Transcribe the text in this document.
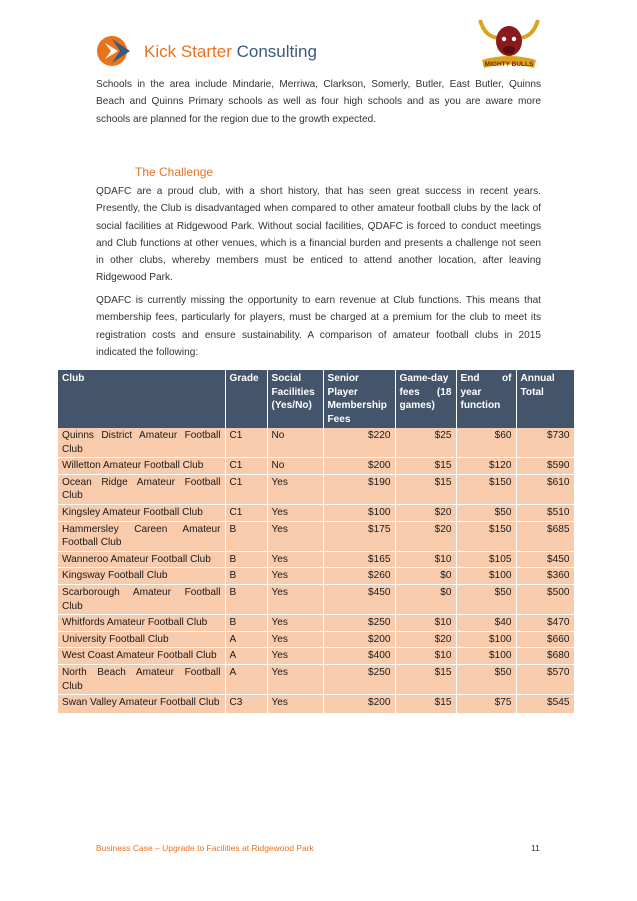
Kick Starter Consulting
MIGHTY BULLS

Schools in the area include Mindarie, Merriwa, Clarkson, Somerly, Butler, East Butler, Quinns Beach and Quinns Primary schools as well as four high schools and as you are aware more schools are planned for the region due to the growth expected.

The Challenge

QDAFC are a proud club, with a short history, that has seen great success in recent years. Presently, the Club is disadvantaged when compared to other amateur football clubs by the lack of social facilities at Ridgewood Park. Without social facilities, QDAFC is forced to conduct meetings and Club functions at other venues, which is a financial burden and presents a challenge not seen in other clubs, whereby members must be enticed to attend another location, after leaving Ridgewood Park.

QDAFC is currently missing the opportunity to earn revenue at Club functions. This means that membership fees, particularly for players, must be charged at a premium for the club to meet its registration costs and ensure sustainability. A comparison of amateur football clubs in 2015 indicated the following:

Club	Grade	Social Facilities (Yes/No)	Senior Player Membership Fees	Game-day fees (18 games)	End of year function	Annual Total
Quinns District Amateur Football Club	C1	No	$220	$25	$60	$730
Willetton Amateur Football Club	C1	No	$200	$15	$120	$590
Ocean Ridge Amateur Football Club	C1	Yes	$190	$15	$150	$610
Kingsley Amateur Football Club	C1	Yes	$100	$20	$50	$510
Hammersley Careen Amateur Football Club	B	Yes	$175	$20	$150	$685
Wanneroo Amateur Football Club	B	Yes	$165	$10	$105	$450
Kingsway Football Club	B	Yes	$260	$0	$100	$360
Scarborough Amateur Football Club	B	Yes	$450	$0	$50	$500
Whitfords Amateur Football Club	B	Yes	$250	$10	$40	$470
University Football Club	A	Yes	$200	$20	$100	$660
West Coast Amateur Football Club	A	Yes	$400	$10	$100	$680
North Beach Amateur Football Club	A	Yes	$250	$15	$50	$570
Swan Valley Amateur Football Club	C3	Yes	$200	$15	$75	$545
Business Case – Upgrade to Facilities at Ridgewood Park	11
